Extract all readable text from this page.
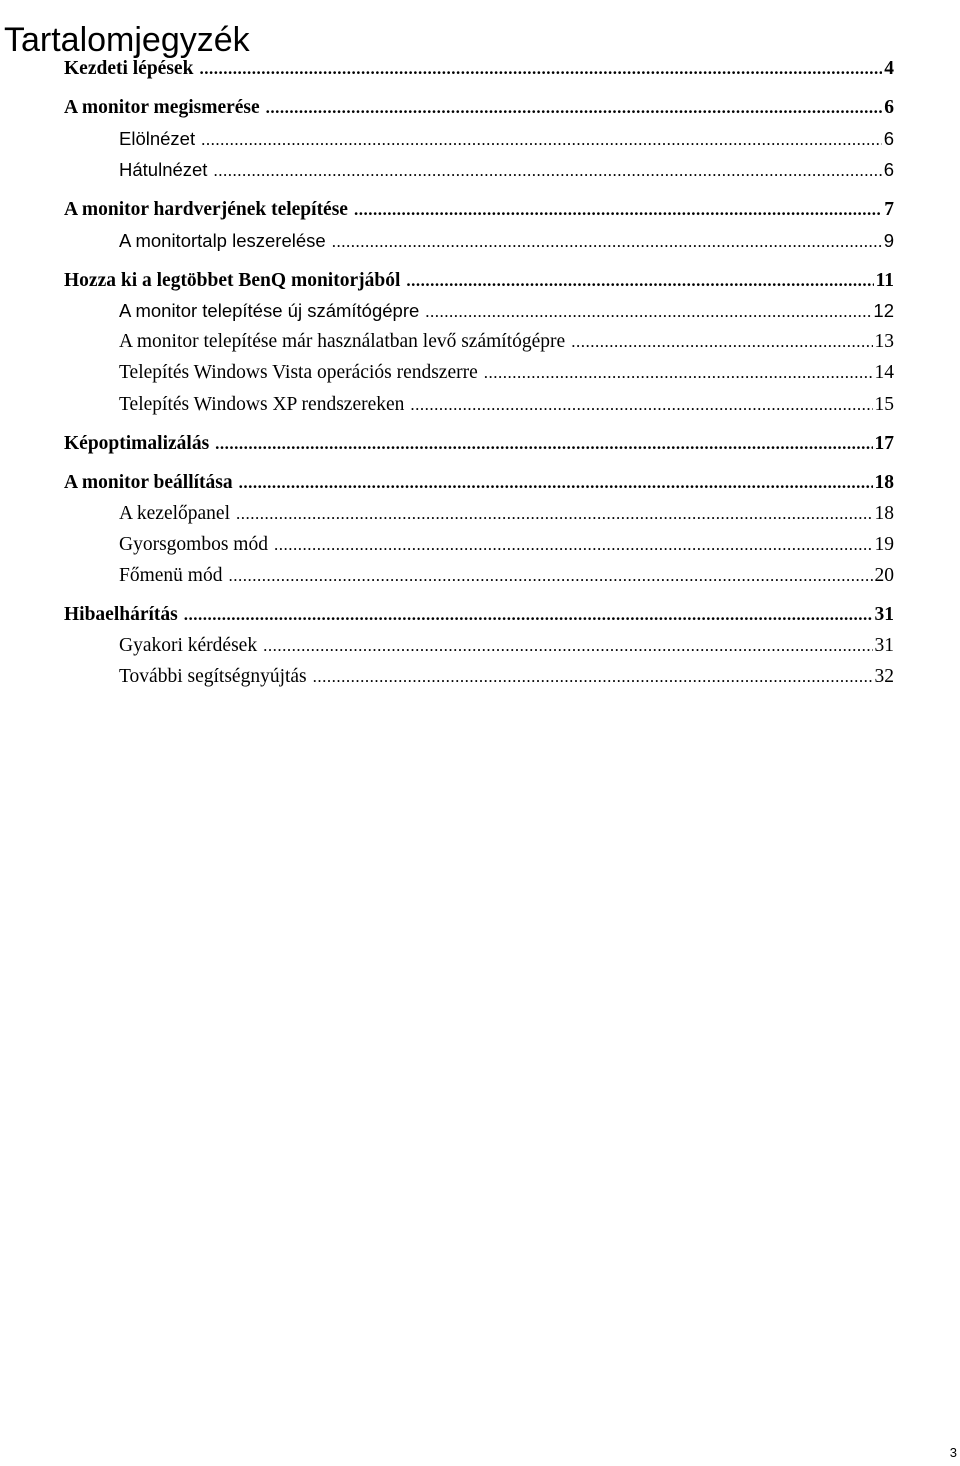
Tartalomjegyzék
Kezdeti lépések .....	4
A monitor megismerése .....	6
Elölnézet .....	6
Hátulnézet .....	6
A monitor hardverjének telepítése .....	7
A monitortalp leszerelése .....	9
Hozza ki a legtöbbet BenQ monitorjából .....	11
A monitor telepítése új számítógépre .....	12
A monitor telepítése már használatban levő számítógépre .....	13
Telepítés Windows Vista operációs rendszerre .....	14
Telepítés Windows XP rendszereken .....	15
Képoptimalizálás .....	17
A monitor beállítása .....	18
A kezelőpanel .....	18
Gyorsgombos mód .....	19
Főmenü mód .....	20
Hibaelhárítás .....	31
Gyakori kérdések .....	31
További segítségnyújtás .....	32
3
